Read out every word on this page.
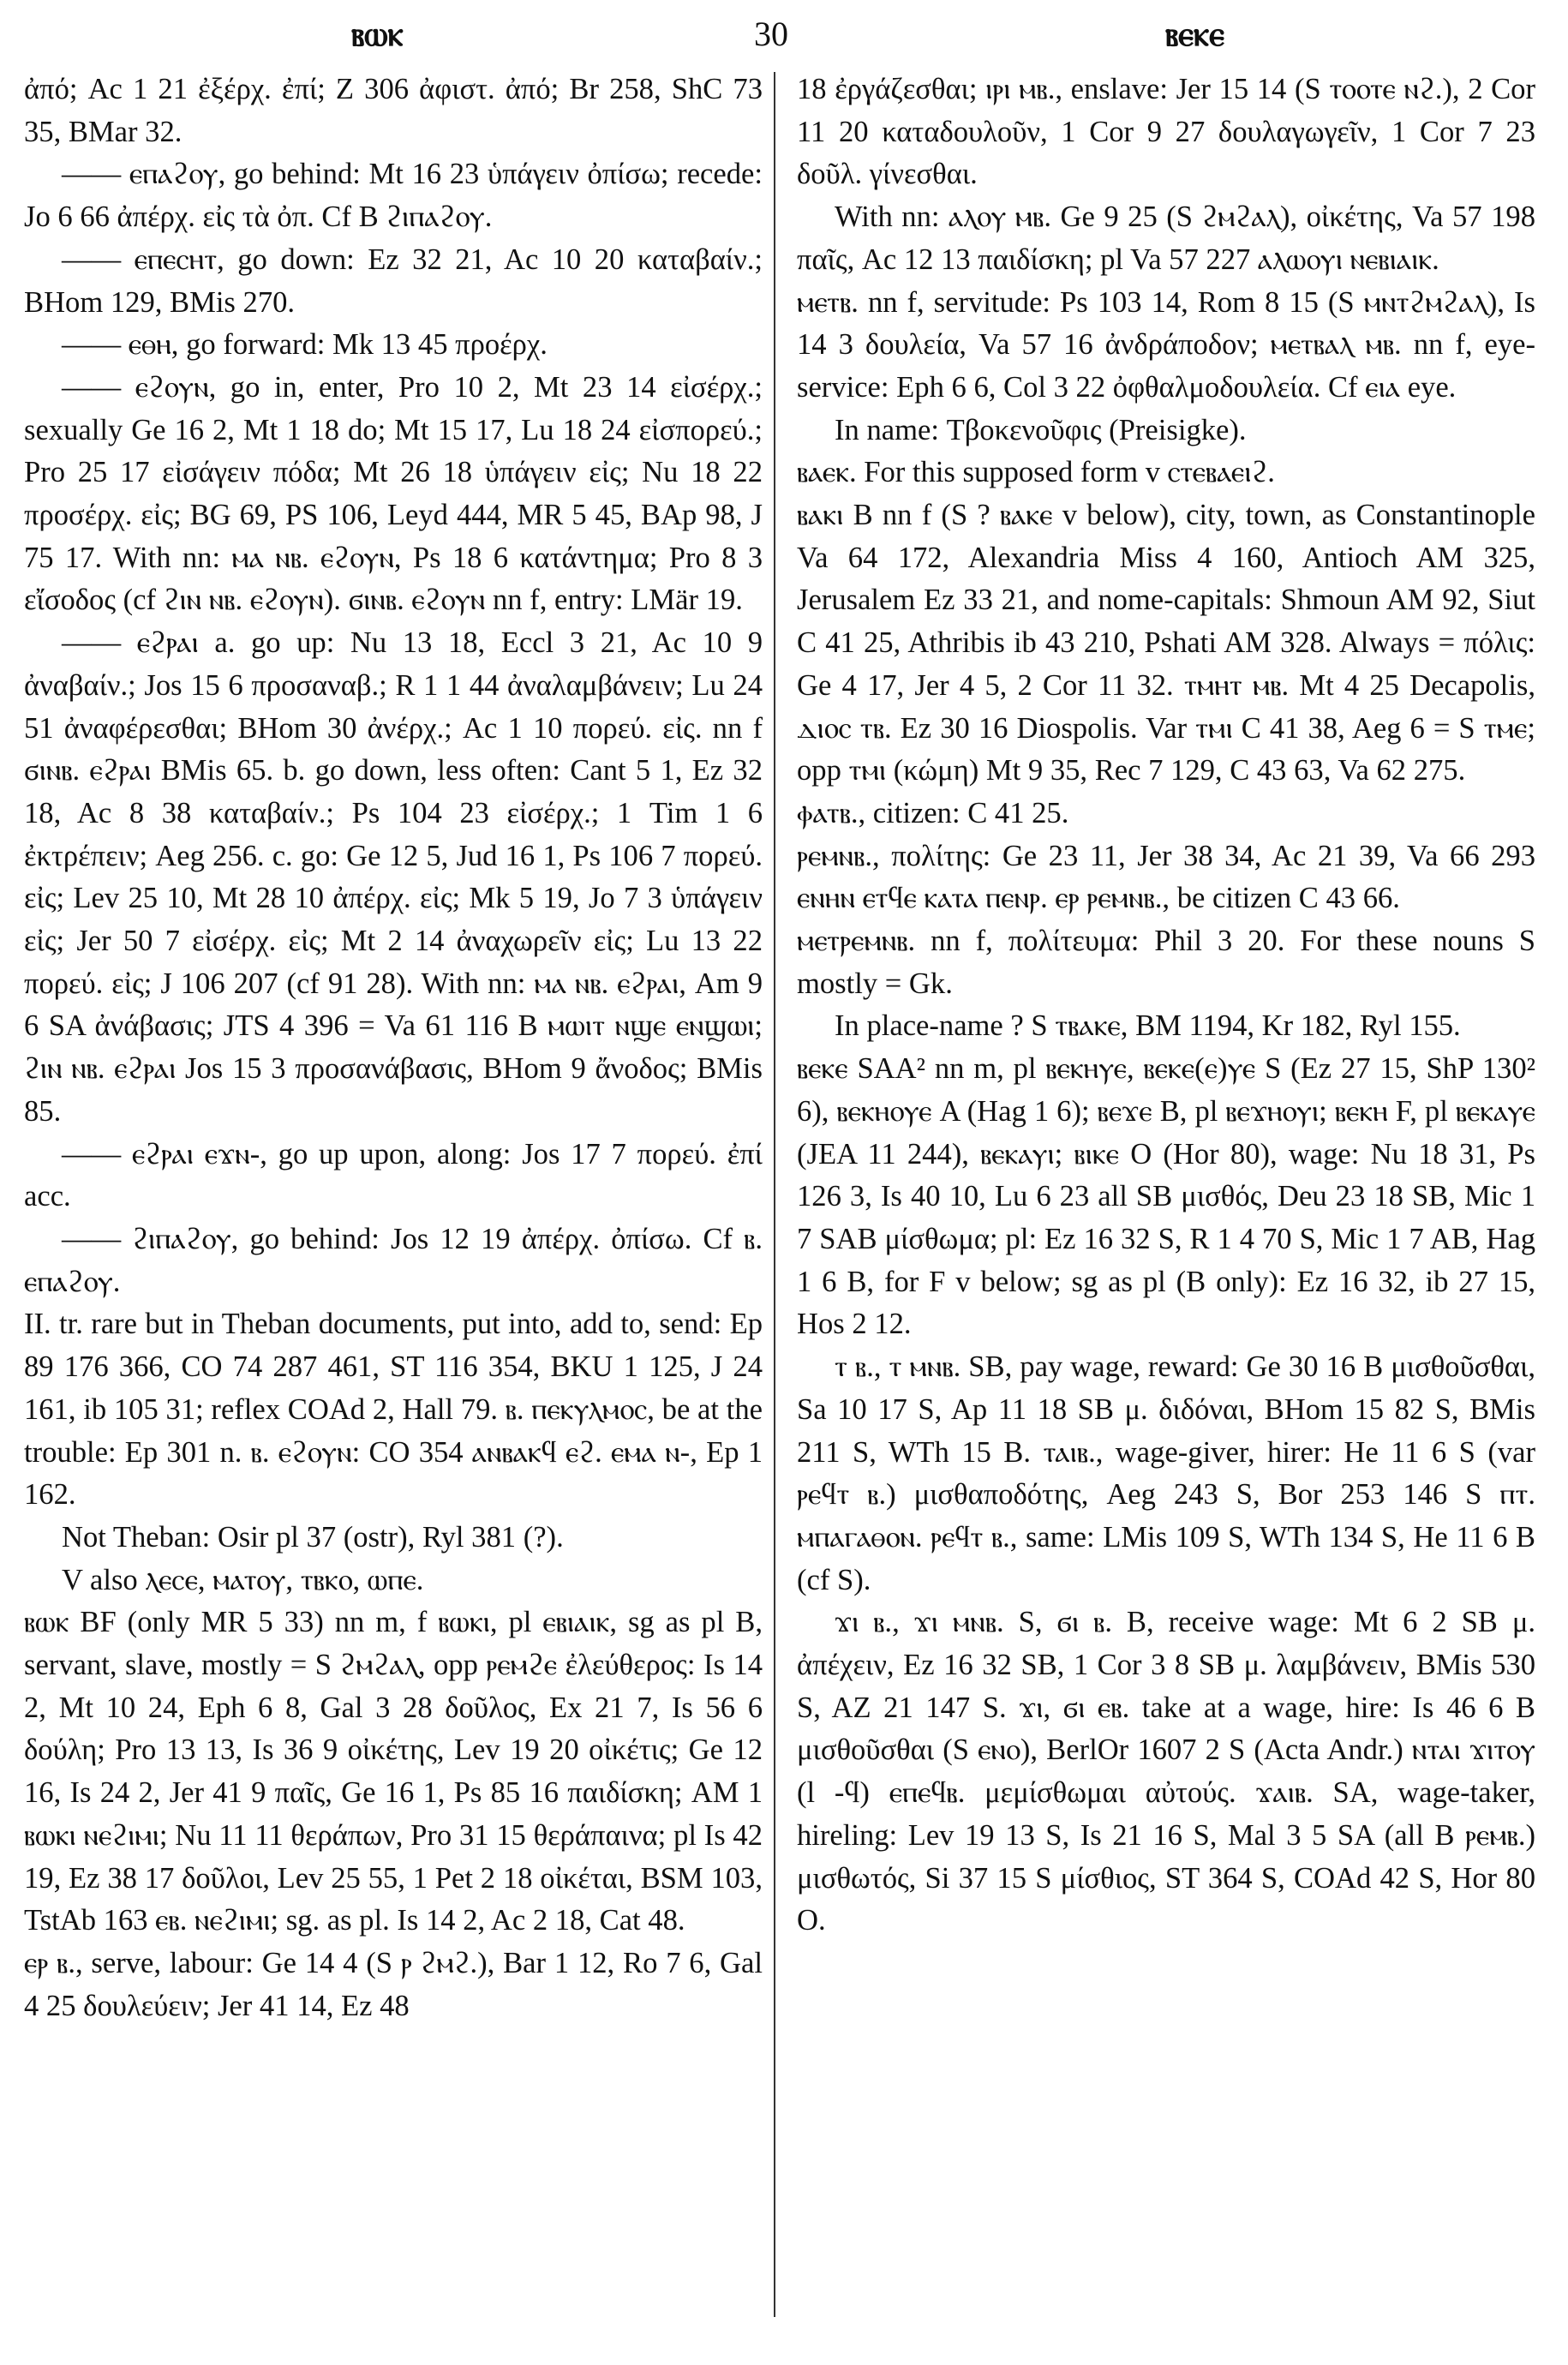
ⲃⲱⲕ	30	ⲃⲉⲕⲉ

ἀπό; Ac 1 21 ἐξέρχ. ἐπί; Z 306 ἀφιστ. ἀπό; Br 258, ShC 73 35, BMar 32.

—— ⲉⲡⲁϩⲟⲩ, go behind: Mt 16 23 ὑπάγειν ὀπίσω; recede: Jo 6 66 ἀπέρχ. εἰς τὰ ὀπ. Cf B ϩⲓⲡⲁϩⲟⲩ.

—— ⲉⲡⲉⲥⲏⲧ, go down: Ez 32 21, Ac 10 20 καταβαίν.; BHom 129, BMis 270.

—— ⲉⲑⲏ, go forward: Mk 13 45 προέρχ.

—— ⲉϩⲟⲩⲛ, go in, enter, Pro 10 2, Mt 23 14 εἰσέρχ.; sexually Ge 16 2, Mt 1 18 do; Mt 15 17, Lu 18 24 εἰσπορεύ.; Pro 25 17 εἰσάγειν πόδα; Mt 26 18 ὑπάγειν εἰς; Nu 18 22 προσέρχ. εἰς; BG 69, PS 106, Leyd 444, MR 5 45, BAp 98, J 75 17. With nn: ⲙⲁ ⲛⲃ. ⲉϩⲟⲩⲛ, Ps 18 6 κατάντημα; Pro 8 3 εἴσοδος (cf ϩⲓⲛ ⲛⲃ. ⲉϩⲟⲩⲛ). ϭⲓⲛⲃ. ⲉϩⲟⲩⲛ nn f, entry: LMär 19.

—— ⲉϩⲣⲁⲓ a. go up: Nu 13 18, Eccl 3 21, Ac 10 9 ἀναβαίν.; Jos 15 6 προσαναβ.; R 1 1 44 ἀναλαμβάνειν; Lu 24 51 ἀναφέρεσθαι; BHom 30 ἀνέρχ.; Ac 1 10 πορεύ. εἰς. nn f ϭⲓⲛⲃ. ⲉϩⲣⲁⲓ BMis 65. b. go down, less often: Cant 5 1, Ez 32 18, Ac 8 38 καταβαίν.; Ps 104 23 εἰσέρχ.; 1 Tim 1 6 ἐκτρέπειν; Aeg 256. c. go: Ge 12 5, Jud 16 1, Ps 106 7 πορεύ. εἰς; Lev 25 10, Mt 28 10 ἀπέρχ. εἰς; Mk 5 19, Jo 7 3 ὑπάγειν εἰς; Jer 50 7 εἰσέρχ. εἰς; Mt 2 14 ἀναχωρεῖν εἰς; Lu 13 22 πορεύ. εἰς; J 106 207 (cf 91 28). With nn: ⲙⲁ ⲛⲃ. ⲉϩⲣⲁⲓ, Am 9 6 SA ἀνάβασις; JTS 4 396 = Va 61 116 B ⲙⲱⲓⲧ ⲛϣⲉ ⲉⲛϣⲱⲓ; ϩⲓⲛ ⲛⲃ. ⲉϩⲣⲁⲓ Jos 15 3 προσανάβασις, BHom 9 ἄνοδος; BMis 85.

—— ⲉϩⲣⲁⲓ ⲉϫⲛ-, go up upon, along: Jos 17 7 πορεύ. ἐπί acc.

—— ϩⲓⲡⲁϩⲟⲩ, go behind: Jos 12 19 ἀπέρχ. ὀπίσω. Cf ⲃ. ⲉⲡⲁϩⲟⲩ.

II. tr. rare but in Theban documents, put into, add to, send: Ep 89 176 366, CO 74 287 461, ST 116 354, BKU 1 125, J 24 161, ib 105 31; reflex COAd 2, Hall 79. ⲃ. ⲡⲉⲕⲩⲗⲙⲟⲥ, be at the trouble: Ep 301 n. ⲃ. ⲉϩⲟⲩⲛ: CO 354 ⲁⲛⲃⲁⲕϥ ⲉϩ. ⲉⲙⲁ ⲛ-, Ep 1 162.

Not Theban: Osir pl 37 (ostr), Ryl 381 (?).

V also ⲗⲉⲥⲉ, ⲙⲁⲧⲟⲩ, ⲧⲃⲕⲟ, ⲱⲡⲉ.

ⲃⲱⲕ BF (only MR 5 33) nn m, f ⲃⲱⲕⲓ, pl ⲉⲃⲓⲁⲓⲕ, sg as pl B, servant, slave, mostly = S ϩⲙϩⲁⲗ, opp ⲣⲉⲙϩⲉ ἐλεύθερος: Is 14 2, Mt 10 24, Eph 6 8, Gal 3 28 δοῦλος, Ex 21 7, Is 56 6 δούλη; Pro 13 13, Is 36 9 οἰκέτης, Lev 19 20 οἰκέτις; Ge 12 16, Is 24 2, Jer 41 9 παῖς, Ge 16 1, Ps 85 16 παιδίσκη; AM 1 ⲃⲱⲕⲓ ⲛⲉϩⲓⲙⲓ; Nu 11 11 θεράπων, Pro 31 15 θεράπαινα; pl Is 42 19, Ez 38 17 δοῦλοι, Lev 25 55, 1 Pet 2 18 οἰκέται, BSM 103, TstAb 163 ⲉⲃ. ⲛⲉϩⲓⲙⲓ; sg. as pl. Is 14 2, Ac 2 18, Cat 48.

ⲉⲣ ⲃ., serve, labour: Ge 14 4 (S ⲣ ϩⲙϩ.), Bar 1 12, Ro 7 6, Gal 4 25 δουλεύειν; Jer 41 14, Ez 48

18 ἐργάζεσθαι; ⲓⲣⲓ ⲙⲃ., enslave: Jer 15 14 (S ⲧⲟⲟⲧⲉ ⲛϩ.), 2 Cor 11 20 καταδουλοῦν, 1 Cor 9 27 δουλαγωγεῖν, 1 Cor 7 23 δοῦλ. γίνεσθαι.

With nn: ⲁⲗⲟⲩ ⲙⲃ. Ge 9 25 (S ϩⲙϩⲁⲗ), οἰκέτης, Va 57 198 παῖς, Ac 12 13 παιδίσκη; pl Va 57 227 ⲁⲗⲱⲟⲩⲓ ⲛⲉⲃⲓⲁⲓⲕ.

ⲙⲉⲧⲃ. nn f, servitude: Ps 103 14, Rom 8 15 (S ⲙⲛⲧϩⲙϩⲁⲗ), Is 14 3 δουλεία, Va 57 16 ἀνδράποδον; ⲙⲉⲧⲃⲁⲗ ⲙⲃ. nn f, eye-service: Eph 6 6, Col 3 22 ὀφθαλμοδουλεία. Cf ⲉⲓⲁ eye.

In name: Τβοκενοῦφις (Preisigke).

ⲃⲁⲉⲕ. For this supposed form v ⲥⲧⲉⲃⲁⲉⲓϩ.

ⲃⲁⲕⲓ B nn f (S ? ⲃⲁⲕⲉ v below), city, town, as Constantinople Va 64 172, Alexandria Miss 4 160, Antioch AM 325, Jerusalem Ez 33 21, and nome-capitals: Shmoun AM 92, Siut C 41 25, Athribis ib 43 210, Pshati AM 328. Always = πόλις: Ge 4 17, Jer 4 5, 2 Cor 11 32. ⲧⲙⲏⲧ ⲙⲃ. Mt 4 25 Decapolis, ⲇⲓⲟⲥ ⲧⲃ. Ez 30 16 Diospolis. Var ⲧⲙⲓ C 41 38, Aeg 6 = S ⲧⲙⲉ; opp ⲧⲙⲓ (κώμη) Mt 9 35, Rec 7 129, C 43 63, Va 62 275.

ⲫⲁⲧⲃ., citizen: C 41 25.

ⲣⲉⲙⲛⲃ., πολίτης: Ge 23 11, Jer 38 34, Ac 21 39, Va 66 293 ⲉⲛⲏⲛ ⲉⲧϥⲉ ⲕⲁⲧⲁ ⲡⲉⲛⲣ. ⲉⲣ ⲣⲉⲙⲛⲃ., be citizen C 43 66.

ⲙⲉⲧⲣⲉⲙⲛⲃ. nn f, πολίτευμα: Phil 3 20. For these nouns S mostly = Gk.

In place-name ? S ⲧⲃⲁⲕⲉ, BM 1194, Kr 182, Ryl 155.

ⲃⲉⲕⲉ SAA² nn m, pl ⲃⲉⲕⲏⲩⲉ, ⲃⲉⲕⲉ(ⲉ)ⲩⲉ S (Ez 27 15, ShP 130² 6), ⲃⲉⲕⲏⲟⲩⲉ A (Hag 1 6); ⲃⲉϫⲉ B, pl ⲃⲉϫⲏⲟⲩⲓ; ⲃⲉⲕⲏ F, pl ⲃⲉⲕⲁⲩⲉ (JEA 11 244), ⲃⲉⲕⲁⲩⲓ; ⲃⲓⲕⲉ O (Hor 80), wage: Nu 18 31, Ps 126 3, Is 40 10, Lu 6 23 all SB μισθός, Deu 23 18 SB, Mic 1 7 SAB μίσθωμα; pl: Ez 16 32 S, R 1 4 70 S, Mic 1 7 AB, Hag 1 6 B, for F v below; sg as pl (B only): Ez 16 32, ib 27 15, Hos 2 12.

ⲧ ⲃ., ⲧ ⲙⲛⲃ. SB, pay wage, reward: Ge 30 16 B μισθοῦσθαι, Sa 10 17 S, Ap 11 18 SB μ. διδόναι, BHom 15 82 S, BMis 211 S, WTh 15 B. ⲧⲁⲓⲃ., wage-giver, hirer: He 11 6 S (var ⲣⲉϥⲧ ⲃ.) μισθαποδότης, Aeg 243 S, Bor 253 146 S ⲡⲧ. ⲙⲡⲁⲅⲁⲑⲟⲛ. ⲣⲉϥⲧ ⲃ., same: LMis 109 S, WTh 134 S, He 11 6 B (cf S).

ϫⲓ ⲃ., ϫⲓ ⲙⲛⲃ. S, ϭⲓ ⲃ. B, receive wage: Mt 6 2 SB μ. ἀπέχειν, Ez 16 32 SB, 1 Cor 3 8 SB μ. λαμβάνειν, BMis 530 S, AZ 21 147 S. ϫⲓ, ϭⲓ ⲉⲃ. take at a wage, hire: Is 46 6 B μισθοῦσθαι (S ⲉⲛⲟ), BerlOr 1607 2 S (Acta Andr.) ⲛⲧⲁⲓ ϫⲓⲧⲟⲩ (l -ϥ) ⲉⲡⲉϥⲃ. μεμίσθωμαι αὐτούς. ϫⲁⲓⲃ. SA, wage-taker, hireling: Lev 19 13 S, Is 21 16 S, Mal 3 5 SA (all B ⲣⲉⲙⲃ.) μισθωτός, Si 37 15 S μίσθιος, ST 364 S, COAd 42 S, Hor 80 O.
